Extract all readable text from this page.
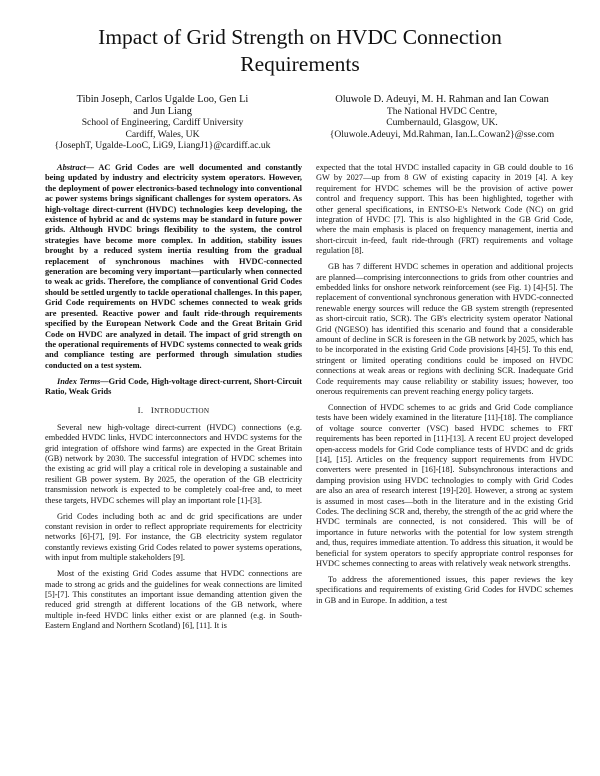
Impact of Grid Strength on HVDC Connection Requirements
Tibin Joseph, Carlos Ugalde Loo, Gen Li
and Jun Liang
School of Engineering, Cardiff University
Cardiff, Wales, UK
{JosephT, Ugalde-LooC, LiG9, LiangJ1}@cardiff.ac.uk
Oluwole D. Adeuyi, M. H. Rahman and Ian Cowan
The National HVDC Centre,
Cumbernauld, Glasgow, UK.
{Oluwole.Adeuyi, Md.Rahman, Ian.L.Cowan2}@sse.com

Abstract— AC Grid Codes are well documented and constantly being updated by industry and electricity system operators. However, the deployment of power electronics-based technology into conventional ac power systems brings significant challenges for system operators. As high-voltage direct-current (HVDC) technologies keep developing, the existence of hybrid ac and dc systems may be standard in future power grids. Although HVDC brings flexibility to the system, the control strategies have become more complex. In addition, stability issues brought by a reduced system inertia resulting from the gradual replacement of synchronous machines with HVDC-connected generation are becoming very important—particularly when connected to weak ac grids. Therefore, the compliance of conventional Grid Codes should be settled urgently to tackle operational challenges. In this paper, Grid Code requirements on HVDC schemes connected to weak grids are presented. Reactive power and fault ride-through requirements specified by the European Network Code and the Great Britain Grid Code on HVDC are analyzed in detail. The impact of grid strength on the operational requirements of HVDC systems connected to weak grids and compliance testing are performed through simulation studies conducted on a test system.

Index Terms—Grid Code, High-voltage direct-current, Short-Circuit Ratio, Weak Grids

I. INTRODUCTION

Several new high-voltage direct-current (HVDC) connections (e.g. embedded HVDC links, HVDC interconnectors and HVDC systems for the grid integration of offshore wind farms) are expected in the Great Britain (GB) network by 2030. The successful integration of HVDC schemes into the existing ac grid will play a critical role in developing a sustainable and resilient GB power system. By 2025, the operation of the GB electricity transmission network is expected to be completely coal-free and, to meet these targets, HVDC schemes will play an important role [1]-[3].

Grid Codes including both ac and dc grid specifications are under constant revision in order to reflect appropriate requirements for electricity networks [6]-[7], [9]. For instance, the GB electricity system regulator constantly reviews existing Grid Codes related to power systems operations, with input from multiple stakeholders [9].

Most of the existing Grid Codes assume that HVDC connections are made to strong ac grids and the guidelines for weak connections are limited [5]-[7]. This constitutes an important issue demanding attention given the reduced grid strength at different locations of the GB network, where multiple in-feed HVDC links either exist or are planned (e.g. in South-Eastern England and Northern Scotland) [6], [11]. It is

expected that the total HVDC installed capacity in GB could double to 16 GW by 2027—up from 8 GW of existing capacity in 2019 [4]. A key requirement for HVDC schemes will be the provision of active power control and frequency support. This has been highlighted, together with other general specifications, in ENTSO-E's Network Code (NC) on grid integration of HVDC [7]. This is also highlighted in the GB Grid Code, where the main emphasis is placed on frequency management, inertia and short-circuit in-feed, fault ride-through (FRT) requirements and voltage regulation [8].

GB has 7 different HVDC schemes in operation and additional projects are planned—comprising interconnections to grids from other countries and embedded links for onshore network reinforcement (see Fig. 1) [4]-[5]. The replacement of conventional synchronous generation with HVDC-connected renewable energy sources will reduce the GB system strength (represented as short-circuit ratio, SCR). The GB's electricity system operator National Grid (NGESO) has identified this scenario and found that a considerable amount of decline in SCR is foreseen in the GB network by 2025, which has to be incorporated in the existing Grid Code provisions [4]-[5]. To this end, stringent or limited operating conditions could be imposed on HVDC connections at weak areas or regions with declining SCR. Inadequate Grid Code requirements may cause reliability or stability issues; however, too onerous requirements can prevent reaching energy policy targets.

Connection of HVDC schemes to ac grids and Grid Code compliance tests have been widely examined in the literature [11]-[18]. The compliance of voltage source converter (VSC) based HVDC schemes to FRT requirements has been reported in [11]-[13]. A recent EU project developed open-access models for Grid Code compliance tests of HVDC and dc grids [14], [15]. Articles on the frequency support requirements from HVDC converters were presented in [16]-[18]. Subsynchronous interactions and damping provision using HVDC technologies to comply with Grid Codes are also an area of research interest [19]-[20]. However, a strong ac system is assumed in most cases—both in the literature and in the existing Grid Codes. The declining SCR and, thereby, the strength of the ac grid where the HVDC terminals are connected, is not considered. This will be of importance in future networks with the potential for low system strength and, thus, requires immediate attention. To address this situation, it would be beneficial for system operators to specify appropriate control responses for HVDC schemes connecting to areas with relatively weak network strengths.

To address the aforementioned issues, this paper reviews the key specifications and requirements of existing Grid Codes for HVDC schemes in GB and in Europe. In addition, a test
